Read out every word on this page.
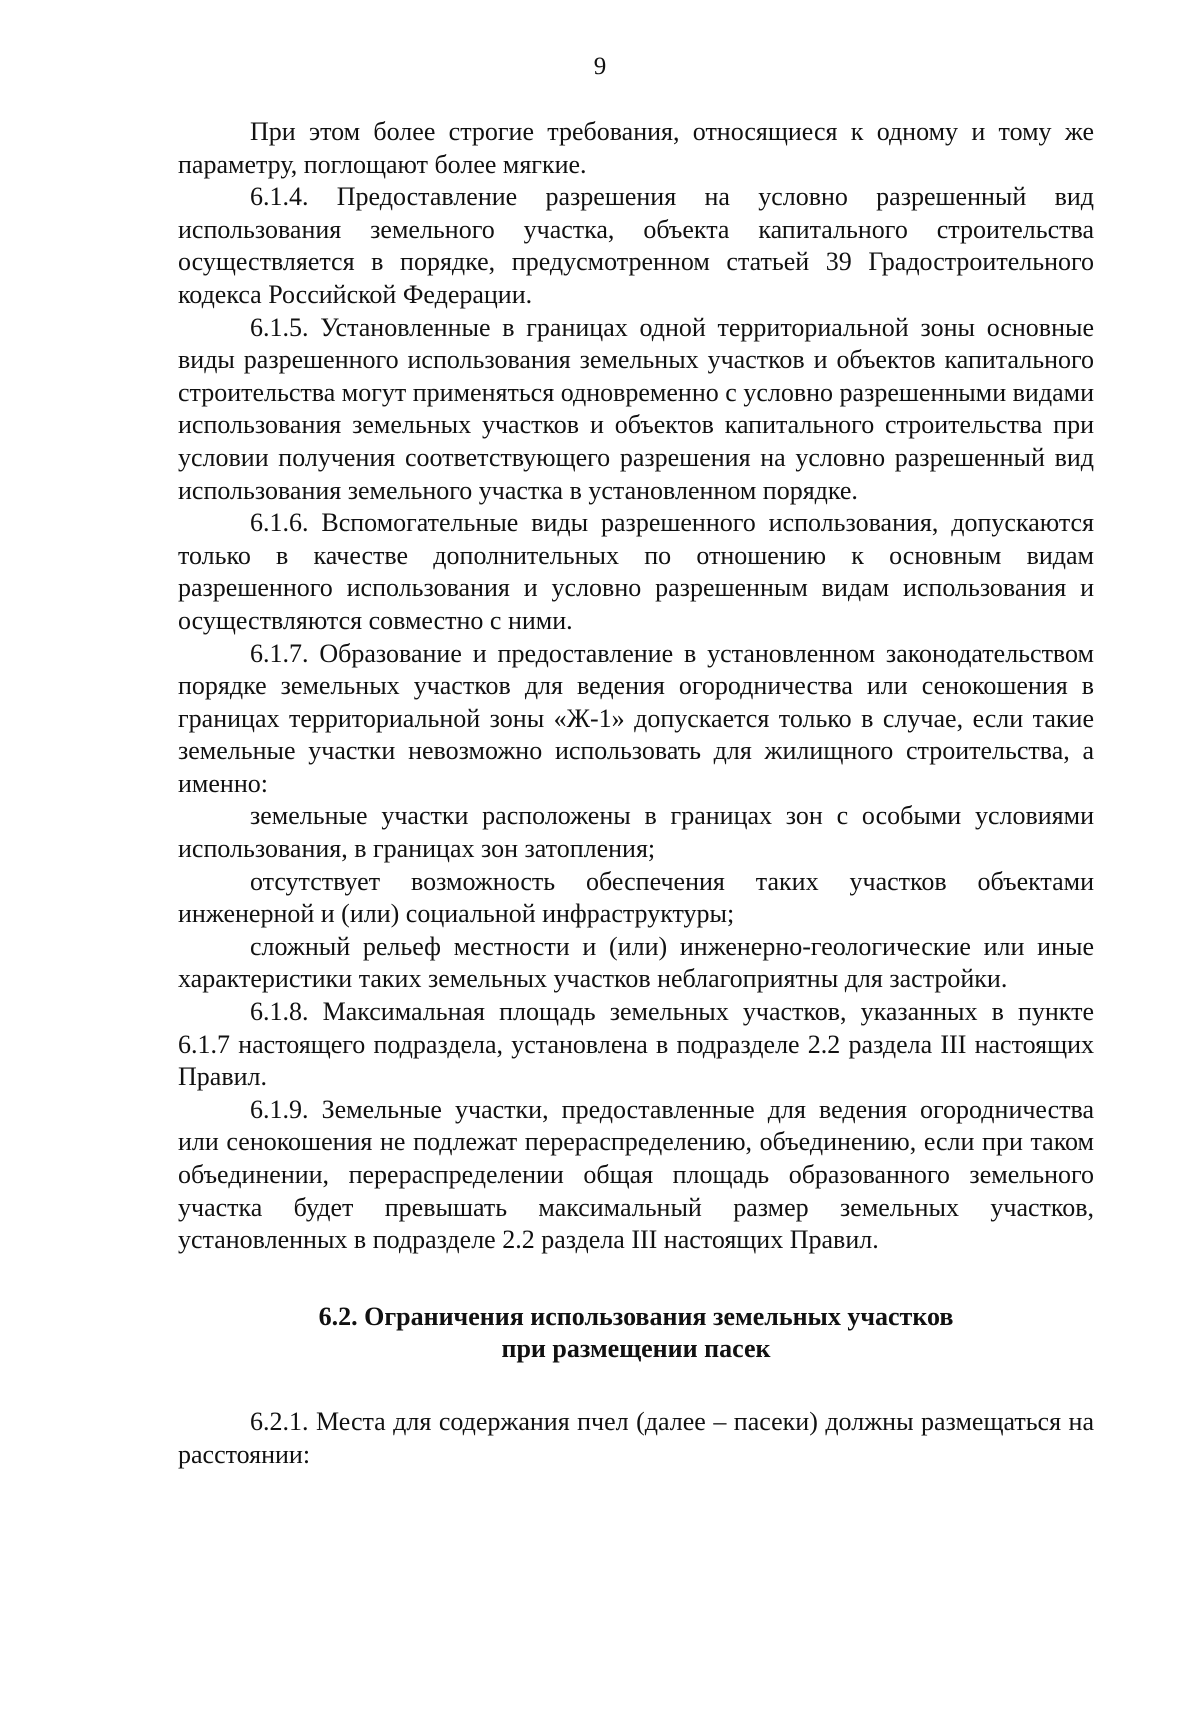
9

При этом более строгие требования, относящиеся к одному и тому же параметру, поглощают более мягкие.

6.1.4. Предоставление разрешения на условно разрешенный вид использования земельного участка, объекта капитального строительства осуществляется в порядке, предусмотренном статьей 39 Градостроительного кодекса Российской Федерации.

6.1.5. Установленные в границах одной территориальной зоны основные виды разрешенного использования земельных участков и объектов капитального строительства могут применяться одновременно с условно разрешенными видами использования земельных участков и объектов капитального строительства при условии получения соответствующего разрешения на условно разрешенный вид использования земельного участка в установленном порядке.

6.1.6. Вспомогательные виды разрешенного использования, допускаются только в качестве дополнительных по отношению к основным видам разрешенного использования и условно разрешенным видам использования и осуществляются совместно с ними.

6.1.7. Образование и предоставление в установленном законодательством порядке земельных участков для ведения огородничества или сенокошения в границах территориальной зоны «Ж-1» допускается только в случае, если такие земельные участки невозможно использовать для жилищного строительства, а именно:

земельные участки расположены в границах зон с особыми условиями использования, в границах зон затопления;

отсутствует возможность обеспечения таких участков объектами инженерной и (или) социальной инфраструктуры;

сложный рельеф местности и (или) инженерно-геологические или иные характеристики таких земельных участков неблагоприятны для застройки.

6.1.8. Максимальная площадь земельных участков, указанных в пункте 6.1.7 настоящего подраздела, установлена в подразделе 2.2 раздела III настоящих Правил.

6.1.9. Земельные участки, предоставленные для ведения огородничества или сенокошения не подлежат перераспределению, объединению, если при таком объединении, перераспределении общая площадь образованного земельного участка будет превышать максимальный размер земельных участков, установленных в подразделе 2.2 раздела III настоящих Правил.

6.2. Ограничения использования земельных участков
при размещении пасек

6.2.1. Места для содержания пчел (далее – пасеки) должны размещаться на расстоянии:
